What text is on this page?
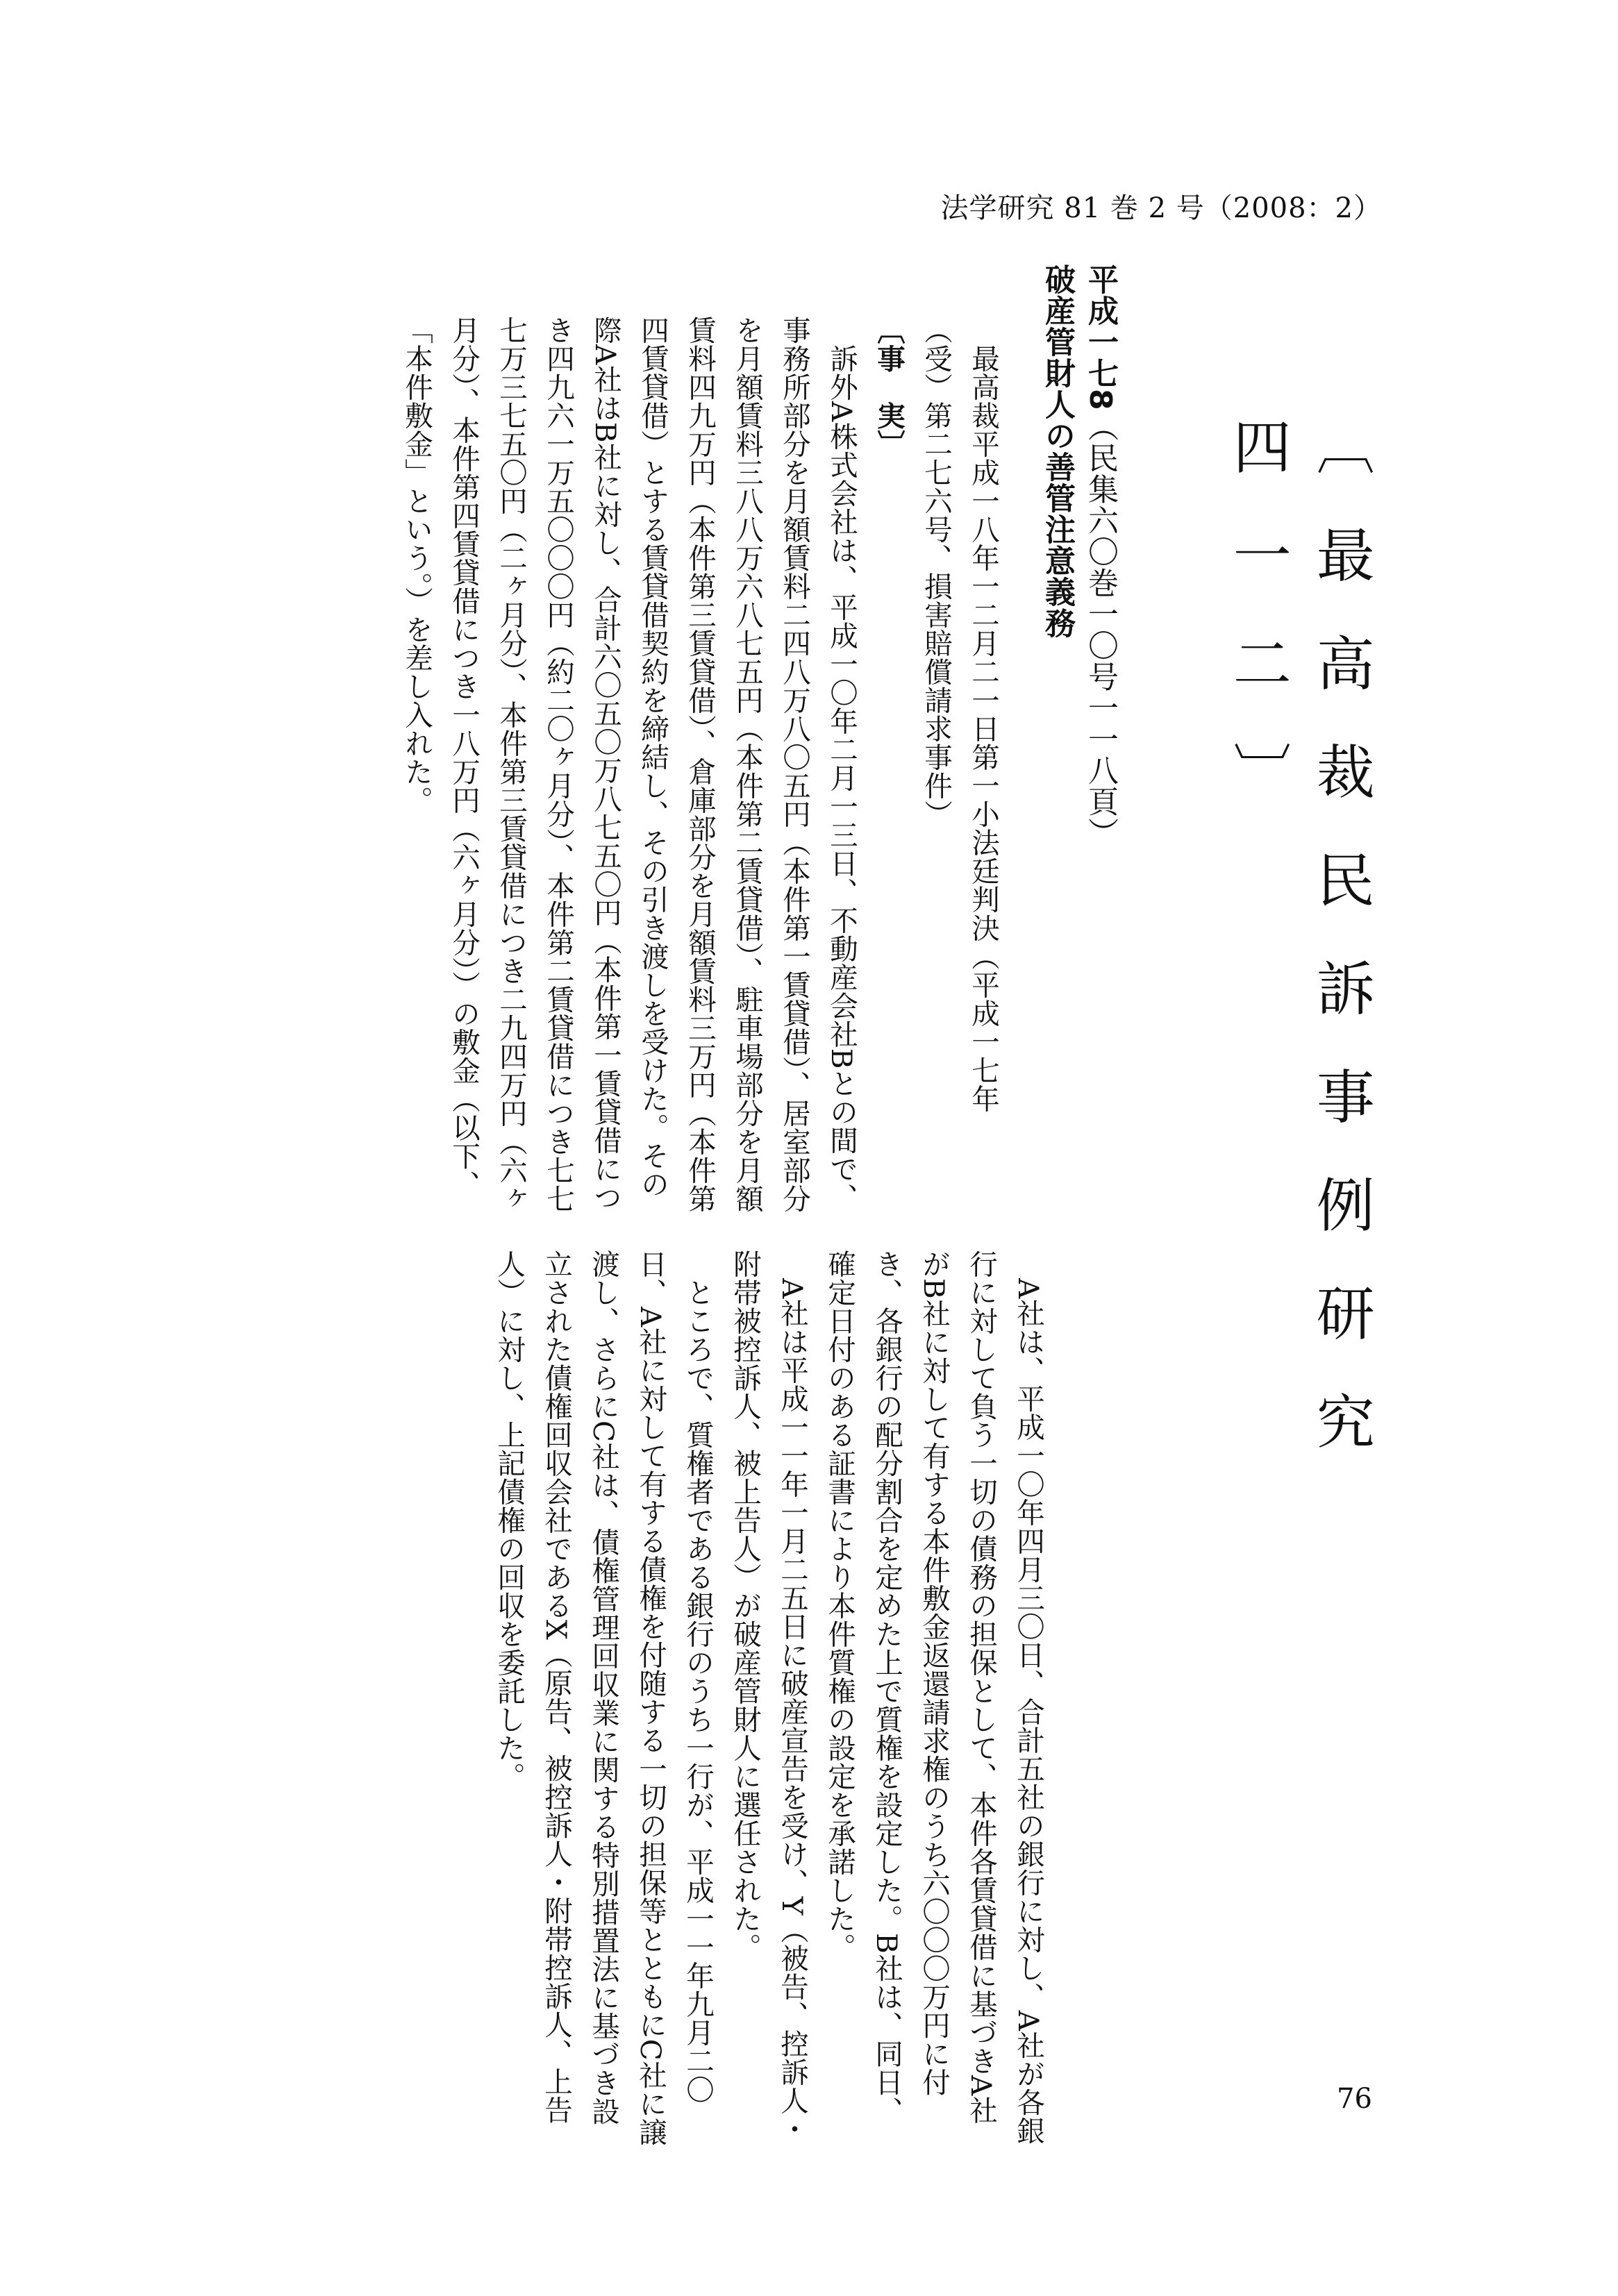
法学研究 81 巻 2 号（2008：2）
〔最高裁民訴事例研究四一二〕
平成一七8（民集六〇巻一〇号一一八頁）
破産管財人の善管注意義務

最高裁平成一八年一二月二一日第一小法廷判決（平成一七年

（受）第二七六号、損害賠償請求事件）

〔事　実〕

訴外A株式会社は、平成一〇年二月一三日、不動産会社Bとの間で、事務所部分を月額賃料二四八万八〇五円（本件第一賃貸借）、居室部分を月額賃料三八八万六八七五円（本件第二賃貸借）、駐車場部分を月額賃料四九万円（本件第三賃貸借）、倉庫部分を月額賃料三万円（本件第四賃貸借）とする賃貸借契約を締結し、その引き渡しを受けた。その際A社はB社に対し、合計六〇五〇万八七五〇円（本件第一賃貸借につき四九六一万五〇〇〇円（約二〇ヶ月分）、本件第二賃貸借につき七七七万三七五〇円（二ヶ月分）、本件第三賃貸借につき二九四万円（六ヶ月分）、本件第四賃貸借につき一八万円（六ヶ月分））の敷金（以下、「本件敷金」という。）を差し入れた。

A社は、平成一〇年四月三〇日、合計五社の銀行に対し、A社が各銀行に対して負う一切の債務の担保として、本件各賃貸借に基づきA社がB社に対して有する本件敷金返還請求権のうち六〇〇〇万円に付き、各銀行の配分割合を定めた上で質権を設定した。B社は、同日、確定日付のある証書により本件質権の設定を承諾した。

A社は平成一一年一月二五日に破産宣告を受け、Y（被告、控訴人・附帯被控訴人、被上告人）が破産管財人に選任された。

ところで、質権者である銀行のうち一行が、平成一一年九月二〇日、A社に対して有する債権を付随する一切の担保等とともにC社に譲渡し、さらにC社は、債権管理回収業に関する特別措置法に基づき設立された債権回収会社であるX（原告、被控訴人・附帯控訴人、上告人）に対し、上記債権の回収を委託した。

76
